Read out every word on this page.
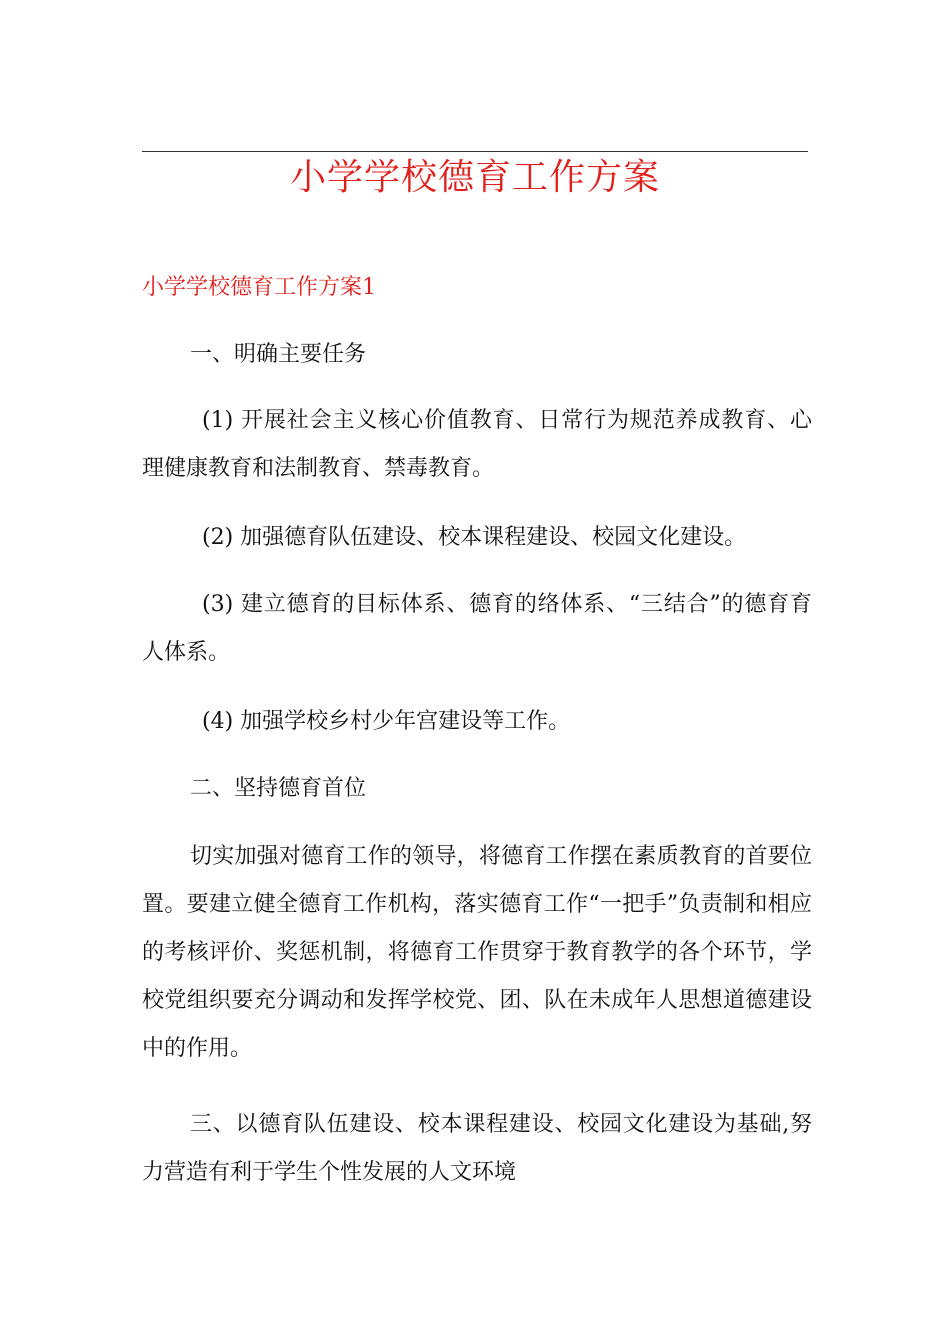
小学学校德育工作方案
小学学校德育工作方案1
一、明确主要任务
(1) 开展社会主义核心价值教育、日常行为规范养成教育、心理健康教育和法制教育、禁毒教育。
(2) 加强德育队伍建设、校本课程建设、校园文化建设。
(3) 建立德育的目标体系、德育的络体系、“三结合”的德育育人体系。
(4) 加强学校乡村少年宫建设等工作。
二、坚持德育首位
切实加强对德育工作的领导，将德育工作摆在素质教育的首要位置。要建立健全德育工作机构，落实德育工作“一把手”负责制和相应的考核评价、奖惩机制，将德育工作贯穿于教育教学的各个环节，学校党组织要充分调动和发挥学校党、团、队在未成年人思想道德建设中的作用。
三、以德育队伍建设、校本课程建设、校园文化建设为基础,努力营造有利于学生个性发展的人文环境
